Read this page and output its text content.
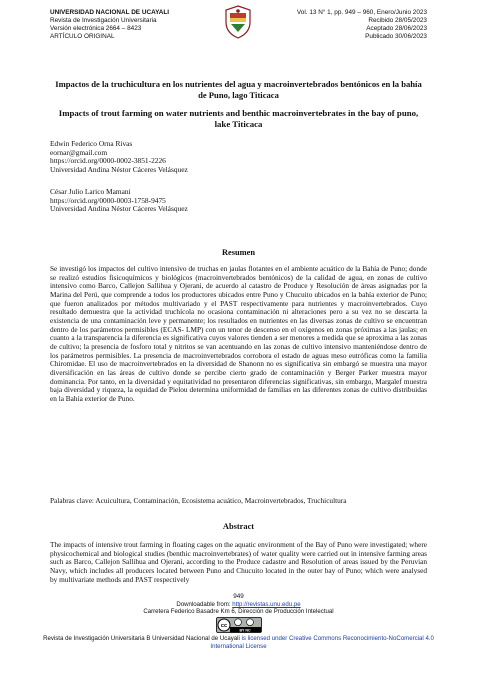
UNIVERSIDAD NACIONAL DE UCAYALI
Revista de Investigación Universitaria
Versión electrónica 2664 – 8423
ARTÍCULO ORIGINAL
Vol. 13 N° 1, pp. 949 – 960, Enero/Junio 2023
Recibido 28/05/2023
Aceptado 28/06/2023
Publicado 30/06/2023
Impactos de la truchicultura en los nutrientes del agua y macroinvertebrados bentónicos en la bahía de Puno, lago Titicaca
Impacts of trout farming on water nutrients and benthic macroinvertebrates in the bay of puno, lake Titicaca
Edwin Federico Orna Rivas
eornar@gmail.com
https://orcid.org/0000-0002-3851-2226
Universidad Andina Néstor Cáceres Velásquez
César Julio Larico Mamani
https://orcid.org/0000-0003-1758-9475
Universidad Andina Néstor Cáceres Velásquez
Resumen

Se investigó los impactos del cultivo intensivo de truchas en jaulas flotantes en el ambiente acuático de la Bahía de Puno; donde se realizó estudios fisicoquímicos y biológicos (macroinvertebrados bentónicos) de la calidad de agua, en zonas de cultivo intensivo como Barco, Callejon Sallihua y Ojerani, de acuerdo al catastro de Produce y Resolución de áreas asignadas por la Marina del Perú, que comprende a todos los productores ubicados entre Puno y Chucuito ubicados en la bahía exterior de Puno; que fueron analizados por métodos multivariado y el PAST respectivamente para nutrientes y macroinvertebrados. Cuyo resultado demuestra que la actividad truchícola no ocasiona contaminación ni alteraciones pero a su vez no se descarta la existencia de una contaminación leve y permanente; los resultados en nutrientes en las diversas zonas de cultivo se encuentran dentro de los parámetros permisibles (ECAS- LMP) con un tenor de descenso en el oxígenos en zonas próximas a las jaulas; en cuanto a la transparencia la diferencia es significativa cuyos valores tienden a ser menores a medida que se aproxima a las zonas de cultivo; la presencia de fosforo total y nitritos se van acentuando en las zonas de cultivo intensivo manteniéndose dentro de los parámetros permisibles. La presencia de macroinvertebrados corrobora el estado de aguas meso eutróficas como la familia Chiromidae. El uso de macroinvertebrados en la diversidad de Shanonn no es significativa sin embargó se muestra una mayor diversificación en las áreas de cultivo donde se percibe cierto grado de contaminación y Berger Parker muestra mayor dominancia. Por tanto, en la diversidad y equitatividad no presentaron diferencias significativas, sin embargo, Margalef muestra baja diversidad y riqueza, la equidad de Pielou determina uniformidad de familias en las diferentes zonas de cultivo distribuidas en la Bahía exterior de Puno.

Palabras clave: Acuicultura, Contaminación, Ecosistema acuático, Macroinvertebrados, Truchicultura

Abstract

The impacts of intensive trout farming in floating cages on the aquatic environment of the Bay of Puno were investigated; where physicochemical and biological studies (benthic macroinvertebrates) of water quality were carried out in intensive farming areas such as Barco, Callejon Sallihua and Ojerani, according to the Produce cadastre and Resolution of areas issued by the Peruvian Navy, which includes all producers located between Puno and Chucuito located in the outer bay of Puno; which were analysed by multivariate methods and PAST respectively

949
Downloadable from: http://revistas.unu.edu.pe
Carretera Federico Basadre Km 6, Dirección de Producción Intelectual
cc
BY NC
Revista de Investigación Universitaria B Universidad Nacional de Ucayali is licensed under Creative Commons Reconocimiento-NoComercial 4.0 International License
